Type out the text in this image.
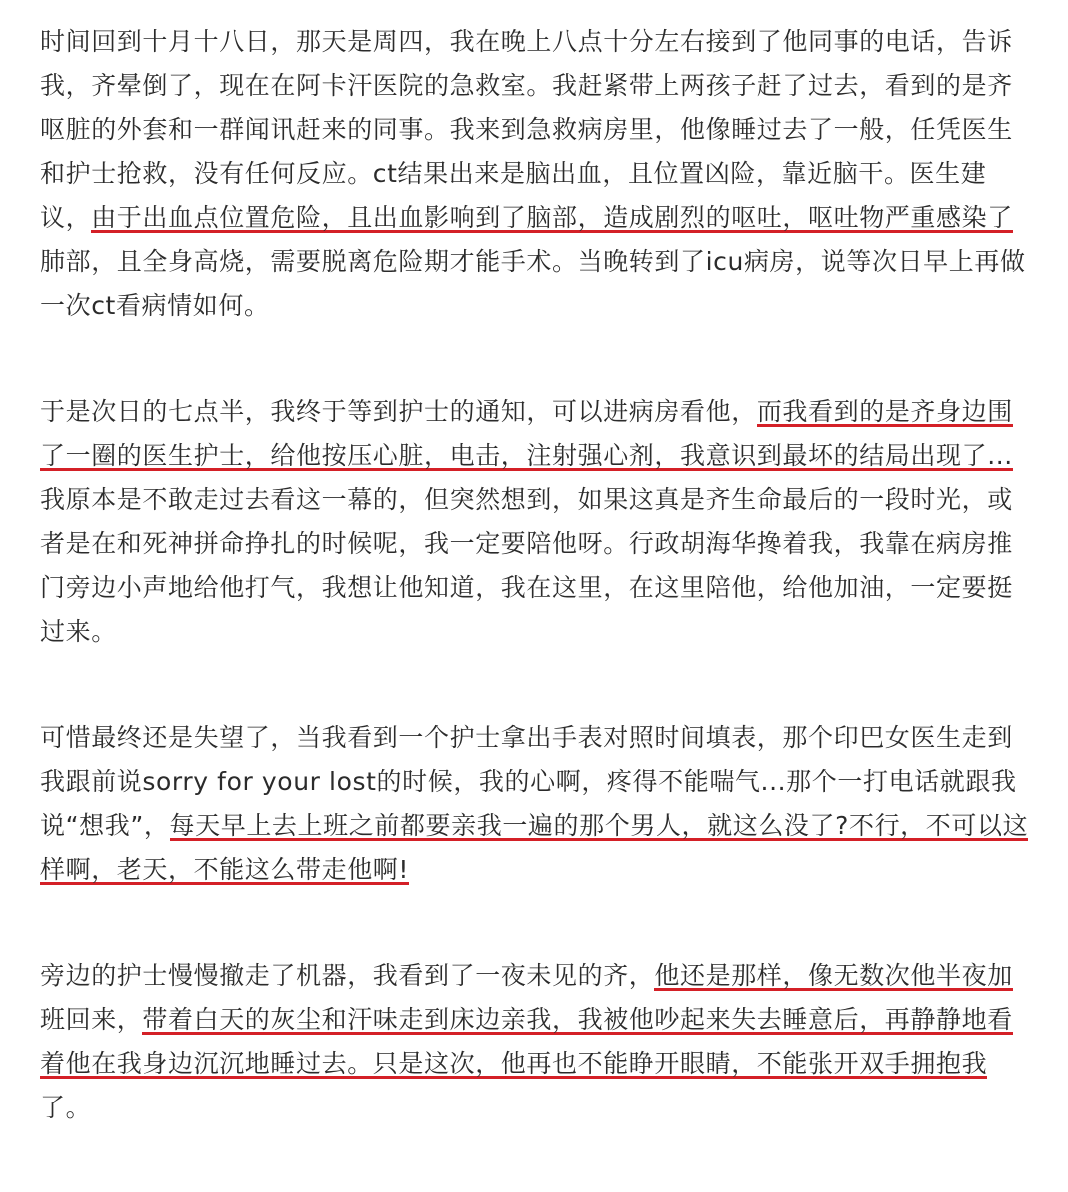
时间回到十月十八日，那天是周四，我在晚上八点十分左右接到了他同事的电话，告诉
我，齐晕倒了，现在在阿卡汗医院的急救室。我赶紧带上两孩子赶了过去，看到的是齐
呕脏的外套和一群闻讯赶来的同事。我来到急救病房里，他像睡过去了一般，任凭医生
和护士抢救，没有任何反应。ct结果出来是脑出血，且位置凶险，靠近脑干。医生建
议，由于出血点位置危险，且出血影响到了脑部，造成剧烈的呕吐，呕吐物严重感染了
肺部，且全身高烧，需要脱离危险期才能手术。当晚转到了icu病房，说等次日早上再做
一次ct看病情如何。
于是次日的七点半，我终于等到护士的通知，可以进病房看他，而我看到的是齐身边围
了一圈的医生护士，给他按压心脏，电击，注射强心剂，我意识到最坏的结局出现了...
我原本是不敢走过去看这一幕的，但突然想到，如果这真是齐生命最后的一段时光，或
者是在和死神拼命挣扎的时候呢，我一定要陪他呀。行政胡海华搀着我，我靠在病房推
门旁边小声地给他打气，我想让他知道，我在这里，在这里陪他，给他加油，一定要挺
过来。
可惜最终还是失望了，当我看到一个护士拿出手表对照时间填表，那个印巴女医生走到
我跟前说sorry for your lost的时候，我的心啊，疼得不能喘气...那个一打电话就跟我
说“想我”，每天早上去上班之前都要亲我一遍的那个男人，就这么没了?不行，不可以这
样啊，老天，不能这么带走他啊!
旁边的护士慢慢撤走了机器，我看到了一夜未见的齐，他还是那样，像无数次他半夜加
班回来，带着白天的灰尘和汗味走到床边亲我，我被他吵起来失去睡意后，再静静地看
着他在我身边沉沉地睡过去。只是这次，他再也不能睁开眼睛，不能张开双手拥抱我
了。
